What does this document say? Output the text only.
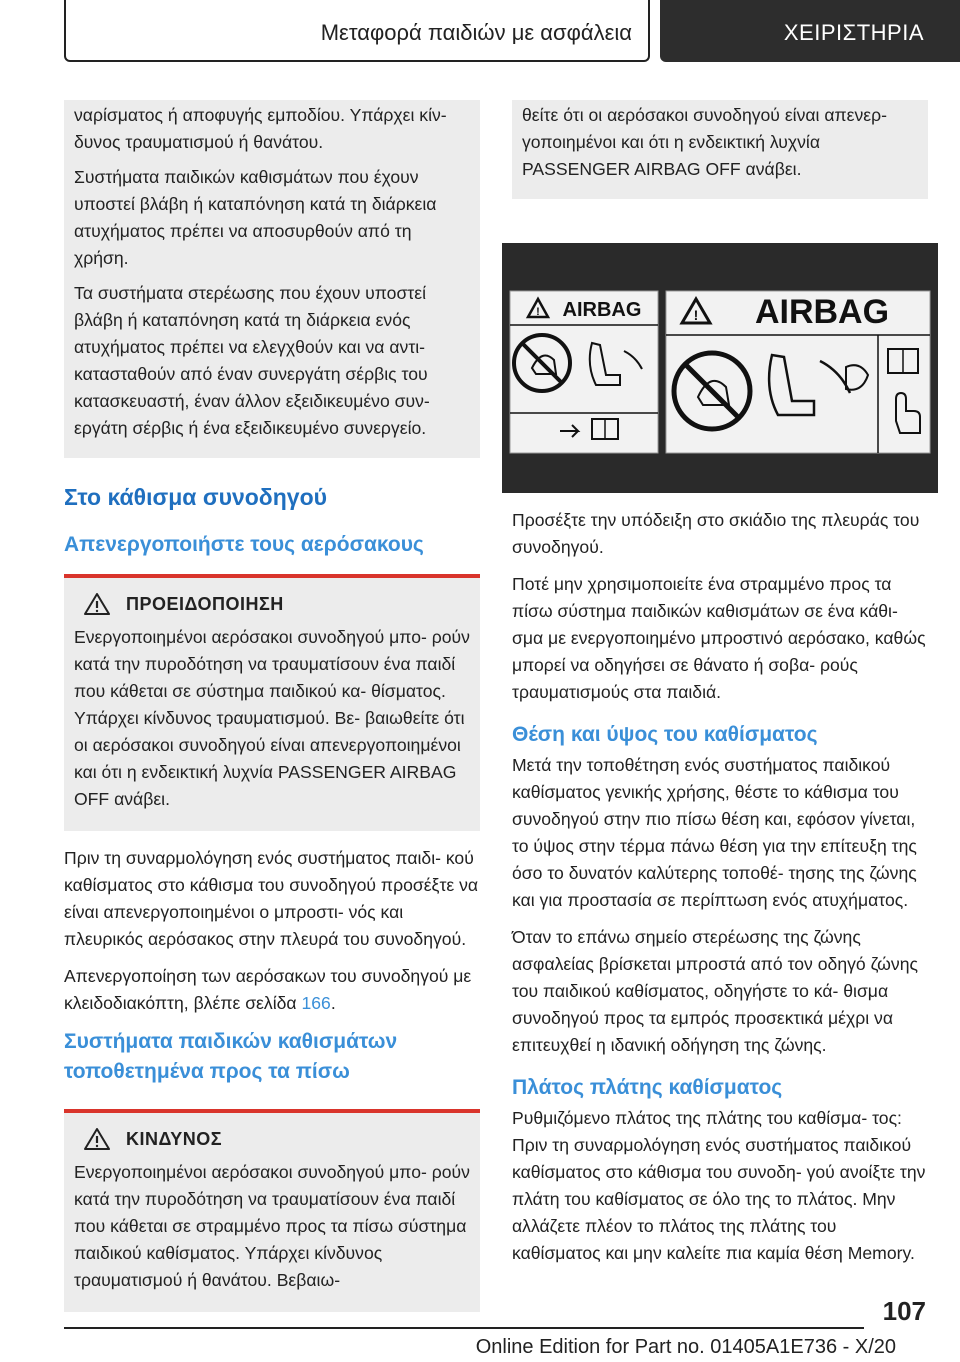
Μεταφορά παιδιών με ασφάλεια	ΧΕΙΡΙΣΤΗΡΙΑ

ναρίσματος ή αποφυγής εμποδίου. Υπάρχει κίν- δυνος τραυματισμού ή θανάτου.

Συστήματα παιδικών καθισμάτων που έχουν υποστεί βλάβη ή καταπόνηση κατά τη διάρκεια ατυχήματος πρέπει να αποσυρθούν από τη χρήση.

Τα συστήματα στερέωσης που έχουν υποστεί βλάβη ή καταπόνηση κατά τη διάρκεια ενός ατυχήματος πρέπει να ελεγχθούν και να αντι- κατασταθούν από έναν συνεργάτη σέρβις του κατασκευαστή, έναν άλλον εξειδικευμένο συν- εργάτη σέρβις ή ένα εξειδικευμένο συνεργείο.

Στο κάθισμα συνοδηγού
Απενεργοποιήστε τους αερόσακους
ΠΡΟΕΙΔΟΠΟΙΗΣΗ

Ενεργοποιημένοι αερόσακοι συνοδηγού μπο- ρούν κατά την πυροδότηση να τραυματίσουν ένα παιδί που κάθεται σε σύστημα παιδικού κα- θίσματος. Υπάρχει κίνδυνος τραυματισμού. Βε- βαιωθείτε ότι οι αερόσακοι συνοδηγού είναι απενεργοποιημένοι και ότι η ενδεικτική λυχνία PASSENGER AIRBAG OFF ανάβει.

Πριν τη συναρμολόγηση ενός συστήματος παιδι- κού καθίσματος στο κάθισμα του συνοδηγού προσέξτε να είναι απενεργοποιημένοι ο μπροστι- νός και πλευρικός αερόσακος στην πλευρά του συνοδηγού.

Απενεργοποίηση των αερόσακων του συνοδηγού με κλειδοδιακόπτη, βλέπε σελίδα 166.

Συστήματα παιδικών καθισμάτων τοποθετημένα προς τα πίσω
ΚΙΝΔΥΝΟΣ

Ενεργοποιημένοι αερόσακοι συνοδηγού μπο- ρούν κατά την πυροδότηση να τραυματίσουν ένα παιδί που κάθεται σε στραμμένο προς τα πίσω σύστημα παιδικού καθίσματος. Υπάρχει κίνδυνος τραυματισμού ή θανάτου. Βεβαιω-

θείτε ότι οι αερόσακοι συνοδηγού είναι απενερ- γοποιημένοι και ότι η ενδεικτική λυχνία PASSENGER AIRBAG OFF ανάβει.

! AIRBAG	! AIRBAG

Προσέξτε την υπόδειξη στο σκιάδιο της πλευράς του συνοδηγού.

Ποτέ μην χρησιμοποιείτε ένα στραμμένο προς τα πίσω σύστημα παιδικών καθισμάτων σε ένα κάθι- σμα με ενεργοποιημένο μπροστινό αερόσακο, καθώς μπορεί να οδηγήσει σε θάνατο ή σοβα- ρούς τραυματισμούς στα παιδιά.

Θέση και ύψος του καθίσματος

Μετά την τοποθέτηση ενός συστήματος παιδικού καθίσματος γενικής χρήσης, θέστε το κάθισμα του συνοδηγού στην πιο πίσω θέση και, εφόσον γίνεται, το ύψος στην τέρμα πάνω θέση για την επίτευξη της όσο το δυνατόν καλύτερης τοποθέ- τησης της ζώνης και για προστασία σε περίπτωση ενός ατυχήματος.

Όταν το επάνω σημείο στερέωσης της ζώνης ασφαλείας βρίσκεται μπροστά από τον οδηγό ζώνης του παιδικού καθίσματος, οδηγήστε το κά- θισμα συνοδηγού προς τα εμπρός προσεκτικά μέχρι να επιτευχθεί η ιδανική οδήγηση της ζώνης.

Πλάτος πλάτης καθίσματος

Ρυθμιζόμενο πλάτος της πλάτης του καθίσμα- τος: Πριν τη συναρμολόγηση ενός συστήματος παιδικού καθίσματος στο κάθισμα του συνοδη- γού ανοίξτε την πλάτη του καθίσματος σε όλο της το πλάτος. Μην αλλάζετε πλέον το πλάτος της πλάτης του καθίσματος και μην καλείτε πια καμία θέση Memory.

107
Online Edition for Part no. 01405A1E736 - X/20
